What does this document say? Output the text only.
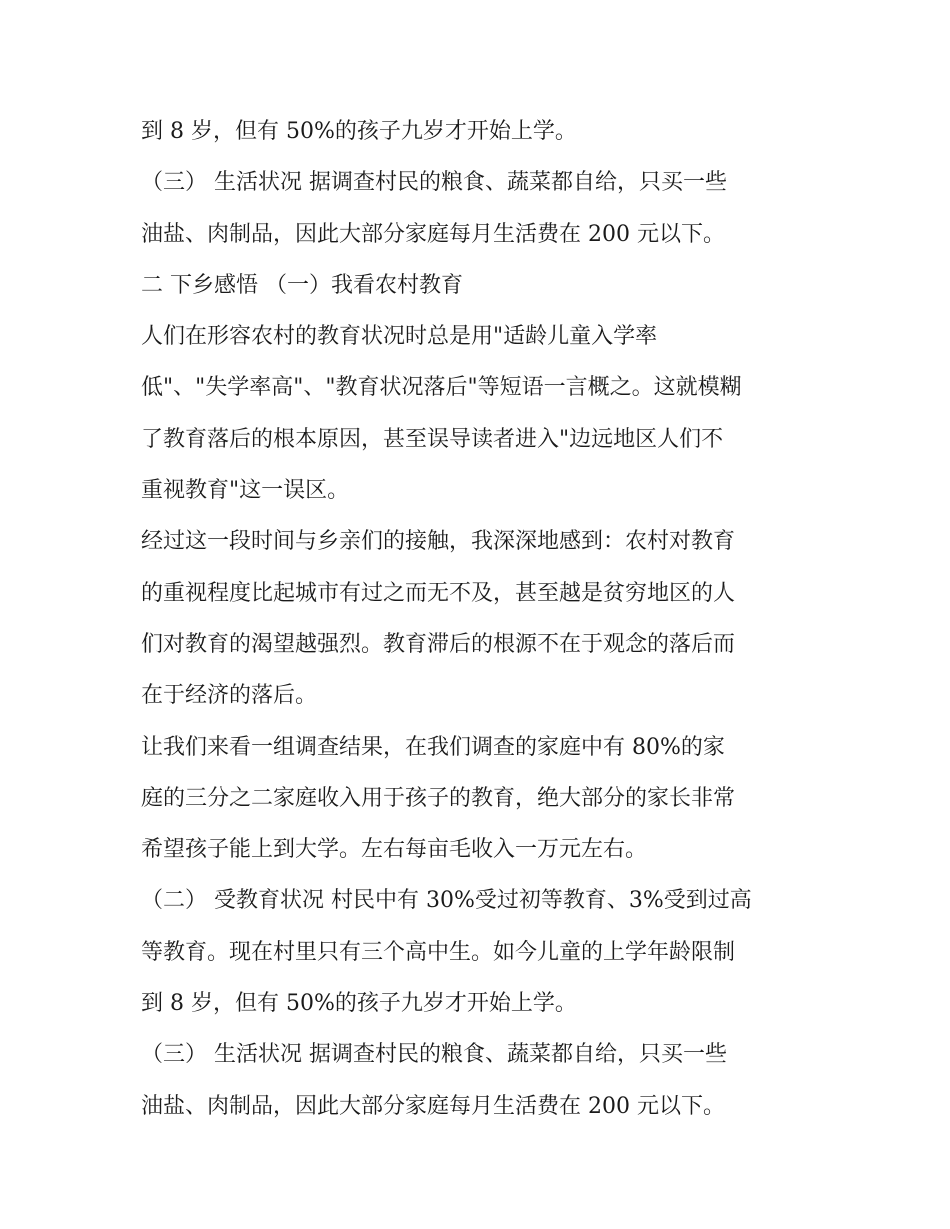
到 8 岁，但有 50%的孩子九岁才开始上学。

（三） 生活状况 据调查村民的粮食、蔬菜都自给，只买一些

油盐、肉制品，因此大部分家庭每月生活费在 200 元以下。

二 下乡感悟 （一）我看农村教育

人们在形容农村的教育状况时总是用"适龄儿童入学率

低"、"失学率高"、"教育状况落后"等短语一言概之。这就模糊

了教育落后的根本原因，甚至误导读者进入"边远地区人们不

重视教育"这一误区。

经过这一段时间与乡亲们的接触，我深深地感到：农村对教育

的重视程度比起城市有过之而无不及，甚至越是贫穷地区的人

们对教育的渴望越强烈。教育滞后的根源不在于观念的落后而

在于经济的落后。

让我们来看一组调查结果，在我们调查的家庭中有 80%的家

庭的三分之二家庭收入用于孩子的教育，绝大部分的家长非常

希望孩子能上到大学。左右每亩毛收入一万元左右。

（二） 受教育状况 村民中有 30%受过初等教育、3%受到过高

等教育。现在村里只有三个高中生。如今儿童的上学年龄限制

到 8 岁，但有 50%的孩子九岁才开始上学。

（三） 生活状况 据调查村民的粮食、蔬菜都自给，只买一些

油盐、肉制品，因此大部分家庭每月生活费在 200 元以下。
